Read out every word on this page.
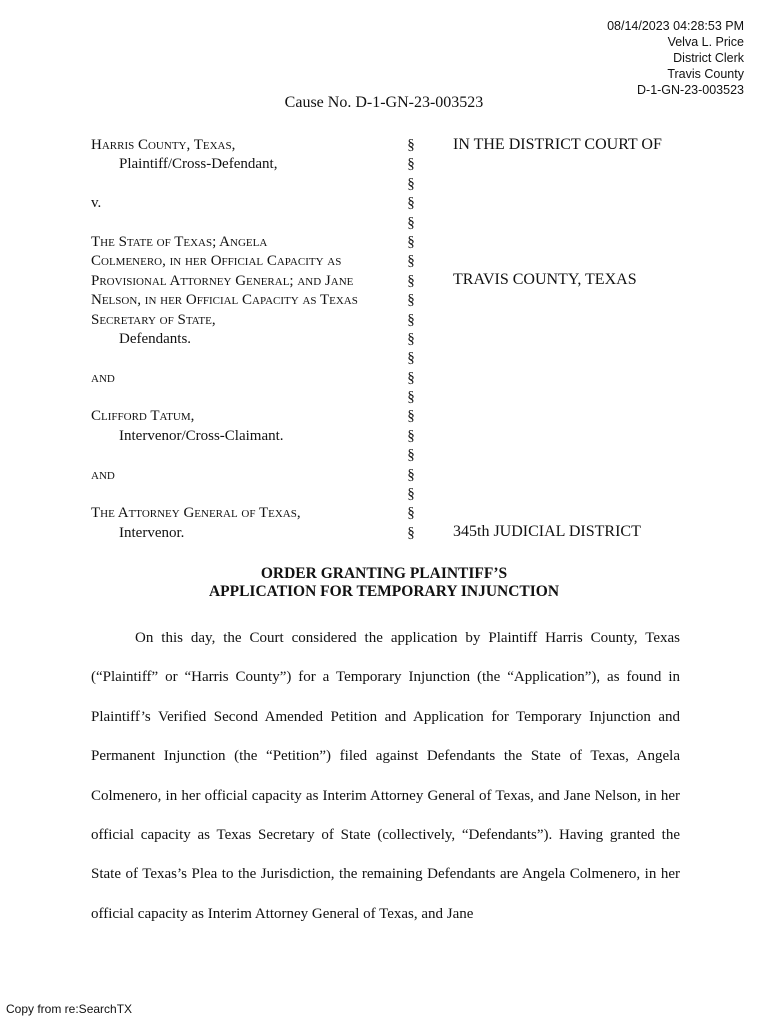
08/14/2023 04:28:53 PM
Velva L. Price
District Clerk
Travis County
D-1-GN-23-003523
Cause No. D-1-GN-23-003523
Harris County, Texas,
Plaintiff/Cross-Defendant,
v.
The State of Texas; Angela
Colmenero, in her Official Capacity as
Provisional Attorney General; and Jane
Nelson, in her Official Capacity as Texas
Secretary of State,
Defendants.
and
Clifford Tatum,
Intervenor/Cross-Claimant.
and
The Attorney General of Texas,
Intervenor.
§
§
§
§
§
§
§
§
§
§
§
§
§
§
§
§
§
§
§
§
§
IN THE DISTRICT COURT OF
TRAVIS COUNTY, TEXAS
345th JUDICIAL DISTRICT
ORDER GRANTING PLAINTIFF’S
APPLICATION FOR TEMPORARY INJUNCTION
On this day, the Court considered the application by Plaintiff Harris County, Texas (“Plaintiff” or “Harris County”) for a Temporary Injunction (the “Application”), as found in Plaintiff’s Verified Second Amended Petition and Application for Temporary Injunction and Permanent Injunction (the “Petition”) filed against Defendants the State of Texas, Angela Colmenero, in her official capacity as Interim Attorney General of Texas, and Jane Nelson, in her official capacity as Texas Secretary of State (collectively, “Defendants”). Having granted the State of Texas’s Plea to the Jurisdiction, the remaining Defendants are Angela Colmenero, in her official capacity as Interim Attorney General of Texas, and Jane
Copy from re:SearchTX
